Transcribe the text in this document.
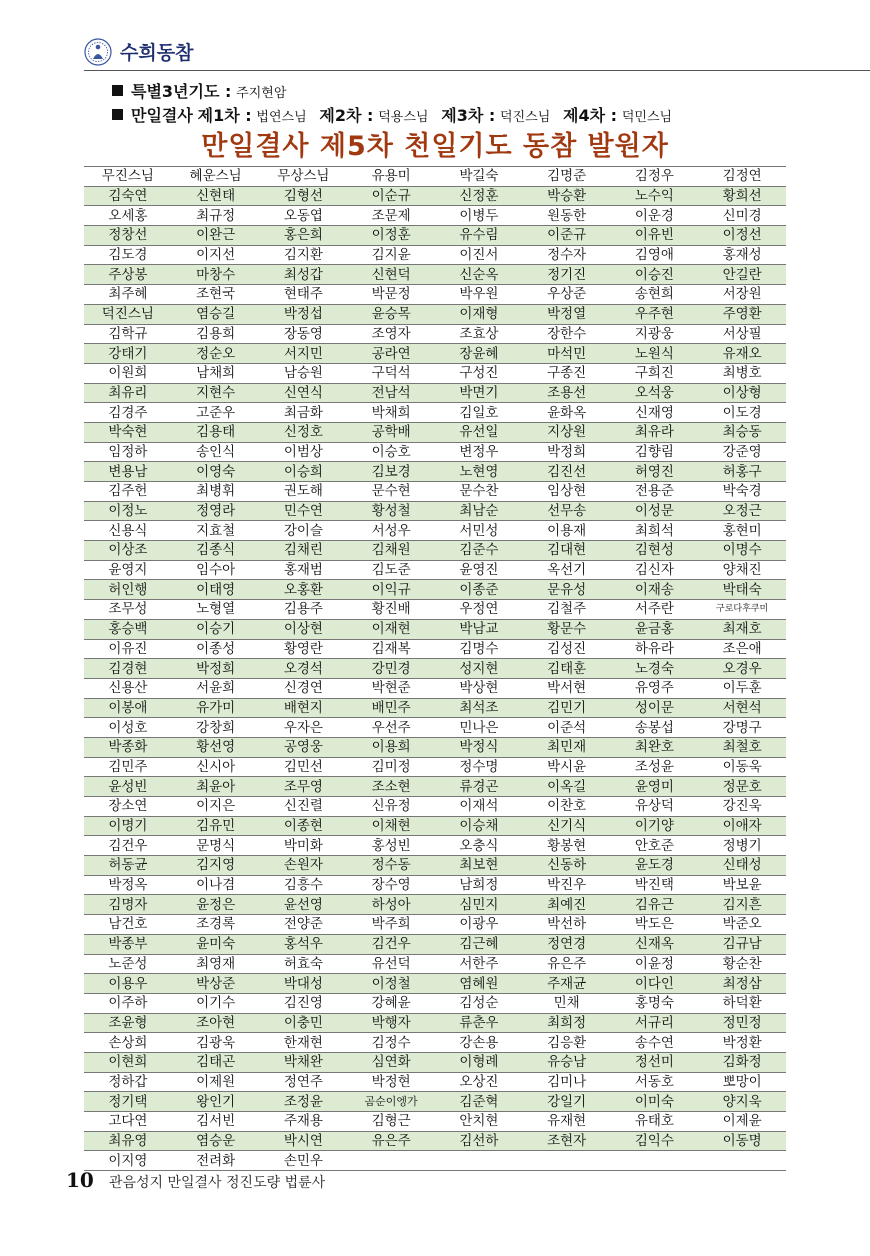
수희동참
특별3년기도 : 주지현암
만일결사 제1차 : 법연스님 제2차 : 덕용스님 제3차 : 덕진스님 제4차 : 덕민스님
만일결사 제5차 천일기도 동참 발원자
무진스님	혜운스님	무상스님	유용미	박길숙	김명준	김정우	김정연
김숙연	신현태	김형선	이순규	신정훈	박승환	노수익	황희선
오세홍	최규정	오동엽	조문제	이병두	원동한	이운경	신미경
정창선	이완근	홍은희	이정훈	유수림	이준규	이유빈	이정선
김도경	이지선	김지환	김지윤	이진서	정수자	김영애	홍재성
주상봉	마창수	최성갑	신현덕	신순옥	정기진	이승진	안길란
최주혜	조현국	현태주	박문정	박우원	우상준	송현희	서장원
덕진스님	염승길	박정섭	윤승목	이재형	박정열	우주현	주영환
김학규	김용희	장동영	조영자	조효상	장한수	지광웅	서상필
강태기	정순오	서지민	공라연	장윤혜	마석민	노원식	유재오
이원희	남채희	남승원	구덕석	구성진	구종진	구희진	최병호
최유리	지현수	신연식	전남석	박면기	조용선	오석웅	이상형
김경주	고준우	최금화	박채희	김일호	윤화옥	신재영	이도경
박숙현	김용태	신정호	공학배	유선일	지상원	최유라	최승동
임정하	송인식	이범상	이승호	변정우	박정희	김향림	강준영
변용남	이영숙	이승희	김보경	노현영	김진선	허영진	허홍구
김주헌	최병휘	권도해	문수현	문수찬	임상현	전용준	박숙경
이정노	정영라	민수연	황성철	최남순	선무송	이성문	오정근
신용식	지효철	강이슬	서성우	서민성	이용재	최희석	홍현미
이상조	김종식	김채린	김채원	김준수	김대현	김현성	이명수
윤영지	임수아	홍재범	김도준	윤영진	옥선기	김신자	양채진
허인행	이태영	오홍환	이익규	이종준	문유성	이재송	박태숙
조무성	노형열	김용주	황진배	우정연	김철주	서주란	구로다후쿠미
홍승백	이승기	이상현	이재현	박남교	황문수	윤금홍	최재호
이유진	이종성	황영란	김재복	김명수	김성진	하유라	조은애
김경현	박정희	오경석	강민경	성지현	김태훈	노경숙	오경우
신용산	서윤희	신경연	박현준	박상현	박서현	유영주	이두훈
이봉애	유가미	배현지	배민주	최석조	김민기	성이문	서현석
이성호	강창희	우자은	우선주	민나은	이준석	송봉섭	강명구
박종화	황선영	공영웅	이용희	박정식	최민재	최완호	최철호
김민주	신시아	김민선	김미정	정수명	박시윤	조성윤	이동욱
윤성빈	최윤아	조무영	조소현	류경곤	이옥길	윤영미	정문호
장소연	이지은	신진렬	신유정	이재석	이찬호	유상덕	강진욱
이명기	김유민	이종현	이채현	이승채	신기식	이기양	이애자
김건우	문명식	박미화	홍성빈	오충식	황봉현	안호준	정병기
허동균	김지영	손원자	정수동	최보현	신동하	윤도경	신태성
박정옥	이나겸	김흥수	장수영	남희정	박진우	박진택	박보윤
김명자	윤정은	윤선영	하성아	심민지	최예진	김유근	김지흔
남건호	조경록	전양준	박주희	이광우	박선하	박도은	박준오
박종부	윤미숙	홍석우	김건우	김근혜	정연경	신재옥	김규남
노준성	최영재	허효숙	유선덕	서한주	유은주	이윤정	황순찬
이용우	박상준	박대성	이정철	염혜원	주재균	이다인	최정삼
이주하	이기수	김진영	강혜윤	김성순	민채	홍명숙	하덕환
조윤형	조아현	이충민	박행자	류춘우	최희정	서규리	정민정
손상희	김광욱	한재현	김정수	강손용	김응환	송수연	박정환
이현희	김태곤	박채완	심연화	이형례	유승남	정선미	김화정
정하갑	이제원	정연주	박정현	오상진	김미나	서동호	뽀망이
정기택	왕인기	조정윤	곰순이엥가	김준혁	강일기	이미숙	양지욱
고다연	김서빈	주재용	김형근	안치현	유재현	유태호	이제윤
최유영	염승운	박시연	유은주	김선하	조현자	김익수	이동명
이지영	전려화	손민우					
10 관음성지 만일결사 정진도량 법륜사
